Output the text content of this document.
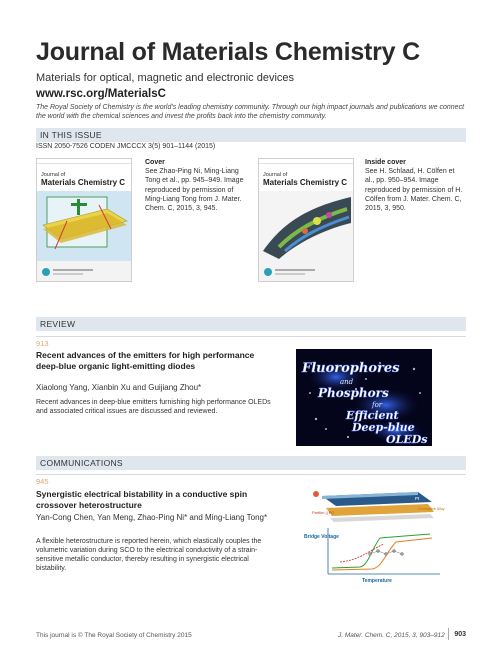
Journal of Materials Chemistry C
Materials for optical, magnetic and electronic devices
www.rsc.org/MaterialsC
The Royal Society of Chemistry is the world's leading chemistry community. Through our high impact journals and publications we connect the world with the chemical sciences and invest the profits back into the chemistry community.
IN THIS ISSUE
ISSN 2050-7526 CODEN JMCCCX 3(5) 901–1144 (2015)
Journal of
Materials Chemistry C
Cover
See Zhao-Ping Ni, Ming-Liang Tong et al., pp. 945–949. Image reproduced by permission of Ming-Liang Tong from J. Mater. Chem. C, 2015, 3, 945.
Journal of
Materials Chemistry C
Inside cover
See H. Schlaad, H. Cölfen et al., pp. 950–954. Image reproduced by permission of H. Cölfen from J. Mater. Chem. C, 2015, 3, 950.
REVIEW
913
Recent advances of the emitters for high performance deep-blue organic light-emitting diodes
Xiaolong Yang, Xianbin Xu and Guijiang Zhou*
Recent advances in deep-blue emitters furnishing high performance OLEDs and associated critical issues are discussed and reviewed.
Fluorophores
and
Phosphors
for
Efficient
Deep-blue
OLEDs
COMMUNICATIONS
945
Synergistic electrical bistability in a conductive spin crossover heterostructure
Yan-Cong Chen, Yan Meng, Zhao-Ping Ni* and Ming-Liang Tong*
A flexible heterostructure is reported herein, which elastically couples the volumetric variation during SCO to the electrical conductivity of a strain-sensitive metallic conductor, thereby resulting in synergistic electrical bistability.
Pt
Parfilm || PC
Conductive Alloy
Bridge Voltage
Temperature
This journal is © The Royal Society of Chemistry 2015	J. Mater. Chem. C, 2015, 3, 903–912 903
